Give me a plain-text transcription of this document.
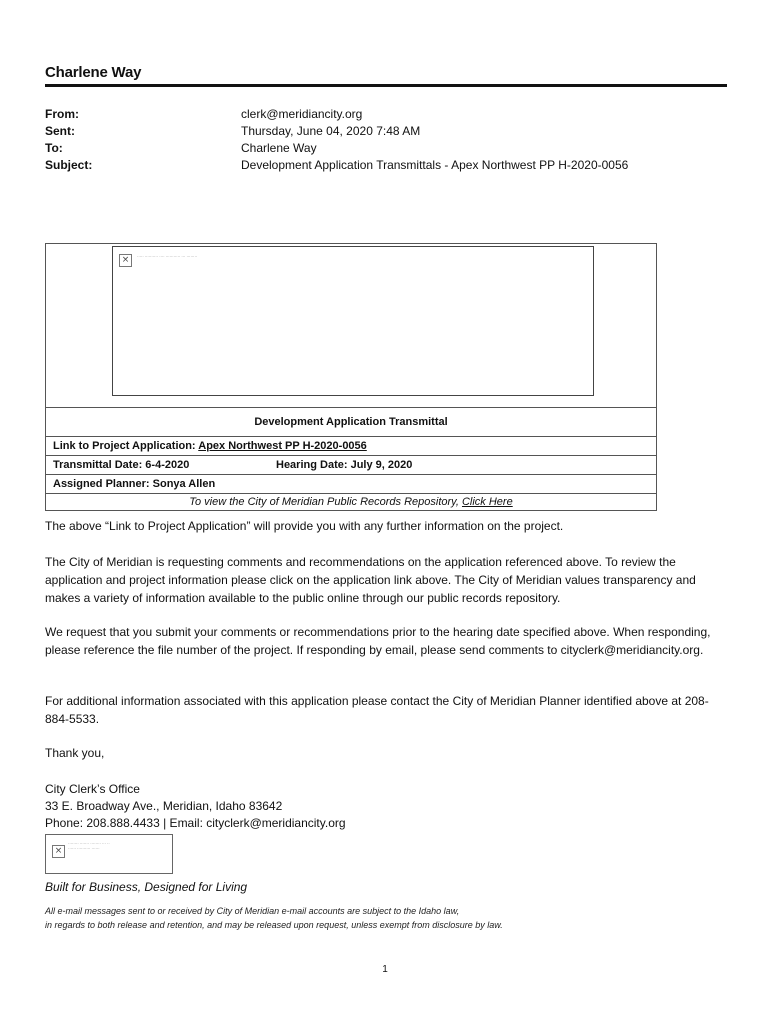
Charlene Way
From:	clerk@meridiancity.org
Sent:	Thursday, June 04, 2020 7:48 AM
To:	Charlene Way
Subject:	Development Application Transmittals - Apex Northwest PP H-2020-0056
×	····· ·········· ···· ··········· ··· ········
Development Application Transmittal
Link to Project Application: Apex Northwest PP H-2020-0056
Transmittal Date: 6-4-2020	Hearing Date: July 9, 2020
Assigned Planner: Sonya Allen
To view the City of Meridian Public Records Repository, Click Here
The above “Link to Project Application” will provide you with any further information on the project.
The City of Meridian is requesting comments and recommendations on the application referenced above. To review the application and project information please click on the application link above. The City of Meridian values transparency and makes a variety of information available to the public online through our public records repository.
We request that you submit your comments or recommendations prior to the hearing date specified above. When responding, please reference the file number of the project. If responding by email, please send comments to cityclerk@meridiancity.org.
For additional information associated with this application please contact the City of Meridian Planner identified above at 208-884-5533.
Thank you,
City Clerk’s Office
33 E. Broadway Ave., Meridian, Idaho 83642
Phone: 208.888.4433 | Email: cityclerk@meridiancity.org
×
········ ······· ········ ··· ··
······ ·········· ······
Built for Business, Designed for Living
All e-mail messages sent to or received by City of Meridian e-mail accounts are subject to the Idaho law,
in regards to both release and retention, and may be released upon request, unless exempt from disclosure by law.
1
